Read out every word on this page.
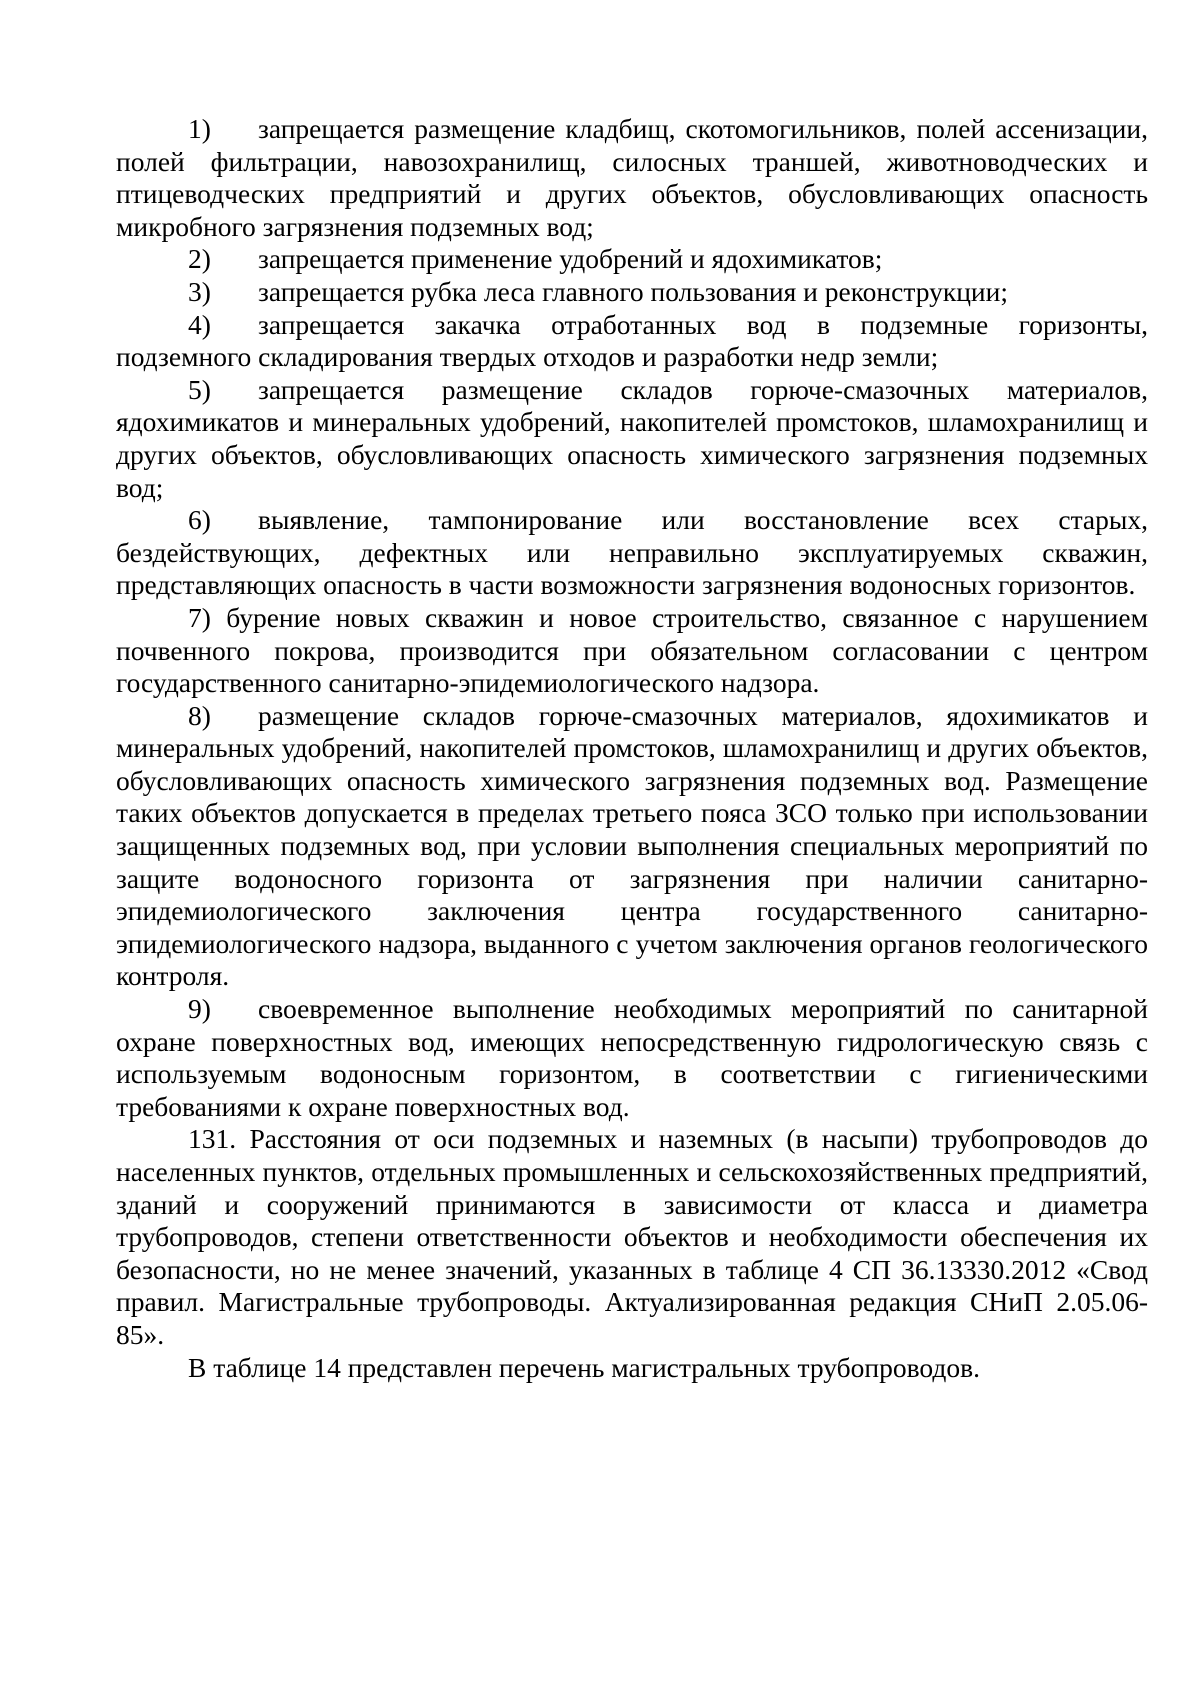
1) запрещается размещение кладбищ, скотомогильников, полей ассенизации, полей фильтрации, навозохранилищ, силосных траншей, животноводческих и птицеводческих предприятий и других объектов, обусловливающих опасность микробного загрязнения подземных вод;

2) запрещается применение удобрений и ядохимикатов;

3) запрещается рубка леса главного пользования и реконструкции;

4) запрещается закачка отработанных вод в подземные горизонты, подземного складирования твердых отходов и разработки недр земли;

5) запрещается размещение складов горюче-смазочных материалов, ядохимикатов и минеральных удобрений, накопителей промстоков, шламохранилищ и других объектов, обусловливающих опасность химического загрязнения подземных вод;

6) выявление, тампонирование или восстановление всех старых, бездействующих, дефектных или неправильно эксплуатируемых скважин, представляющих опасность в части возможности загрязнения водоносных горизонтов.

7) бурение новых скважин и новое строительство, связанное с нарушением почвенного покрова, производится при обязательном согласовании с центром государственного санитарно-эпидемиологического надзора.

8) размещение складов горюче-смазочных материалов, ядохимикатов и минеральных удобрений, накопителей промстоков, шламохранилищ и других объектов, обусловливающих опасность химического загрязнения подземных вод. Размещение таких объектов допускается в пределах третьего пояса ЗСО только при использовании защищенных подземных вод, при условии выполнения специальных мероприятий по защите водоносного горизонта от загрязнения при наличии санитарно-эпидемиологического заключения центра государственного санитарно-эпидемиологического надзора, выданного с учетом заключения органов геологического контроля.

9) своевременное выполнение необходимых мероприятий по санитарной охране поверхностных вод, имеющих непосредственную гидрологическую связь с используемым водоносным горизонтом, в соответствии с гигиеническими требованиями к охране поверхностных вод.

131. Расстояния от оси подземных и наземных (в насыпи) трубопроводов до населенных пунктов, отдельных промышленных и сельскохозяйственных предприятий, зданий и сооружений принимаются в зависимости от класса и диаметра трубопроводов, степени ответственности объектов и необходимости обеспечения их безопасности, но не менее значений, указанных в таблице 4 СП 36.13330.2012 «Свод правил. Магистральные трубопроводы. Актуализированная редакция СНиП 2.05.06-85».

В таблице 14 представлен перечень магистральных трубопроводов.
